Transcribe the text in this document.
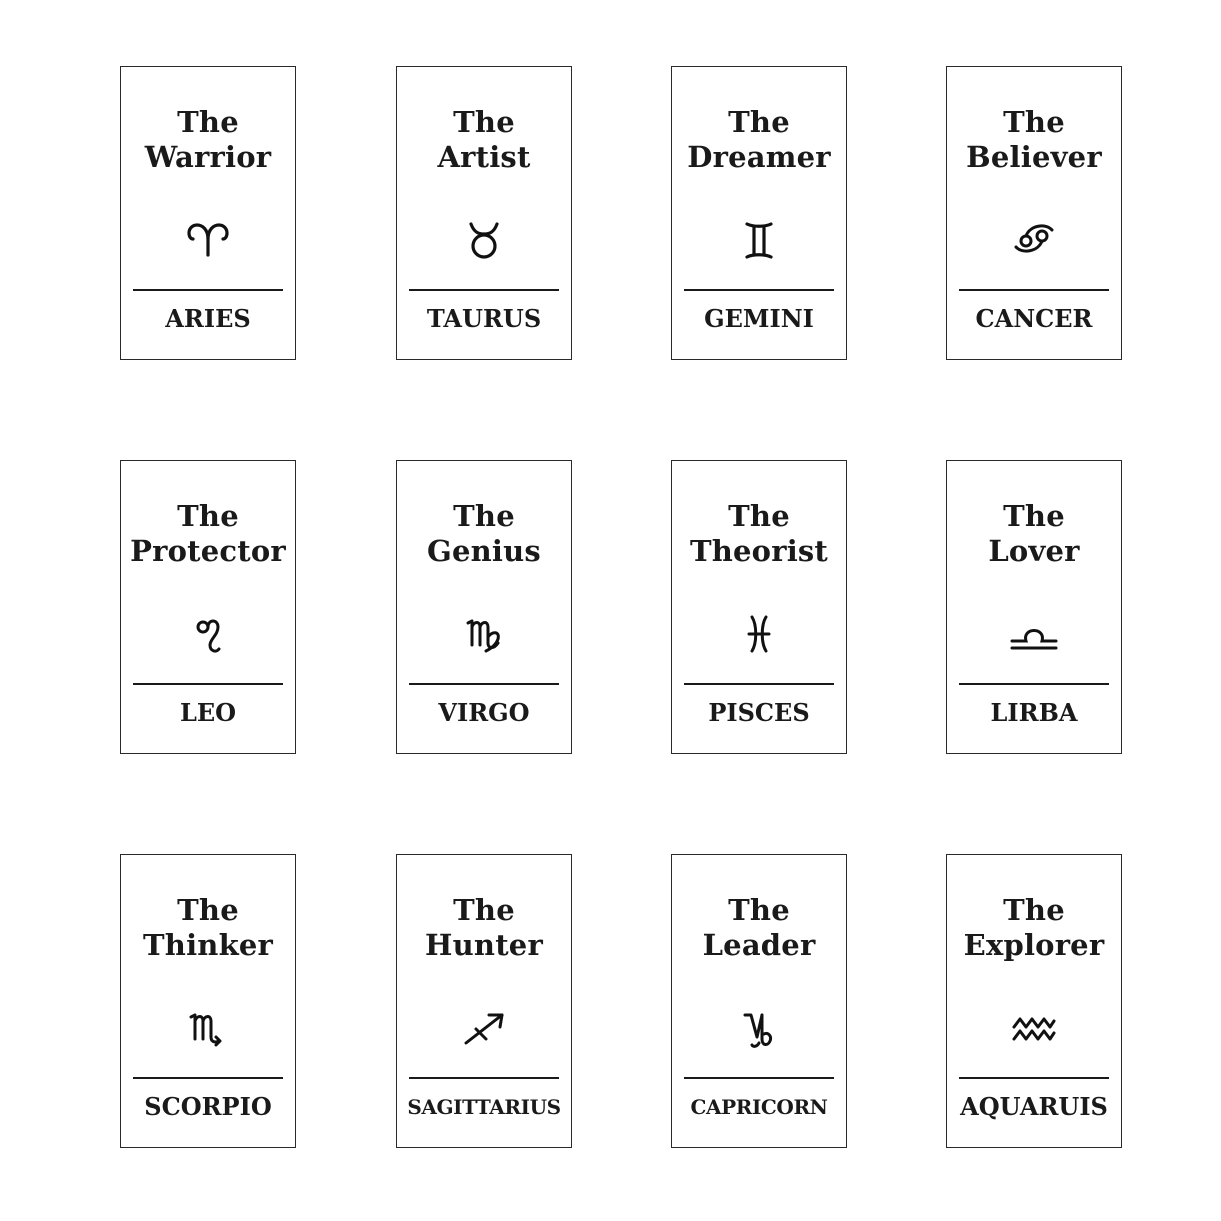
The
Warrior
ARIES
The
Artist
TAURUS
The
Dreamer
GEMINI
The
Believer
CANCER
The
Protector
LEO
The
Genius
VIRGO
The
Theorist
PISCES
The
Lover
LIRBA
The
Thinker
SCORPIO
The
Hunter
SAGITTARIUS
The
Leader
CAPRICORN
The
Explorer
AQUARUIS
